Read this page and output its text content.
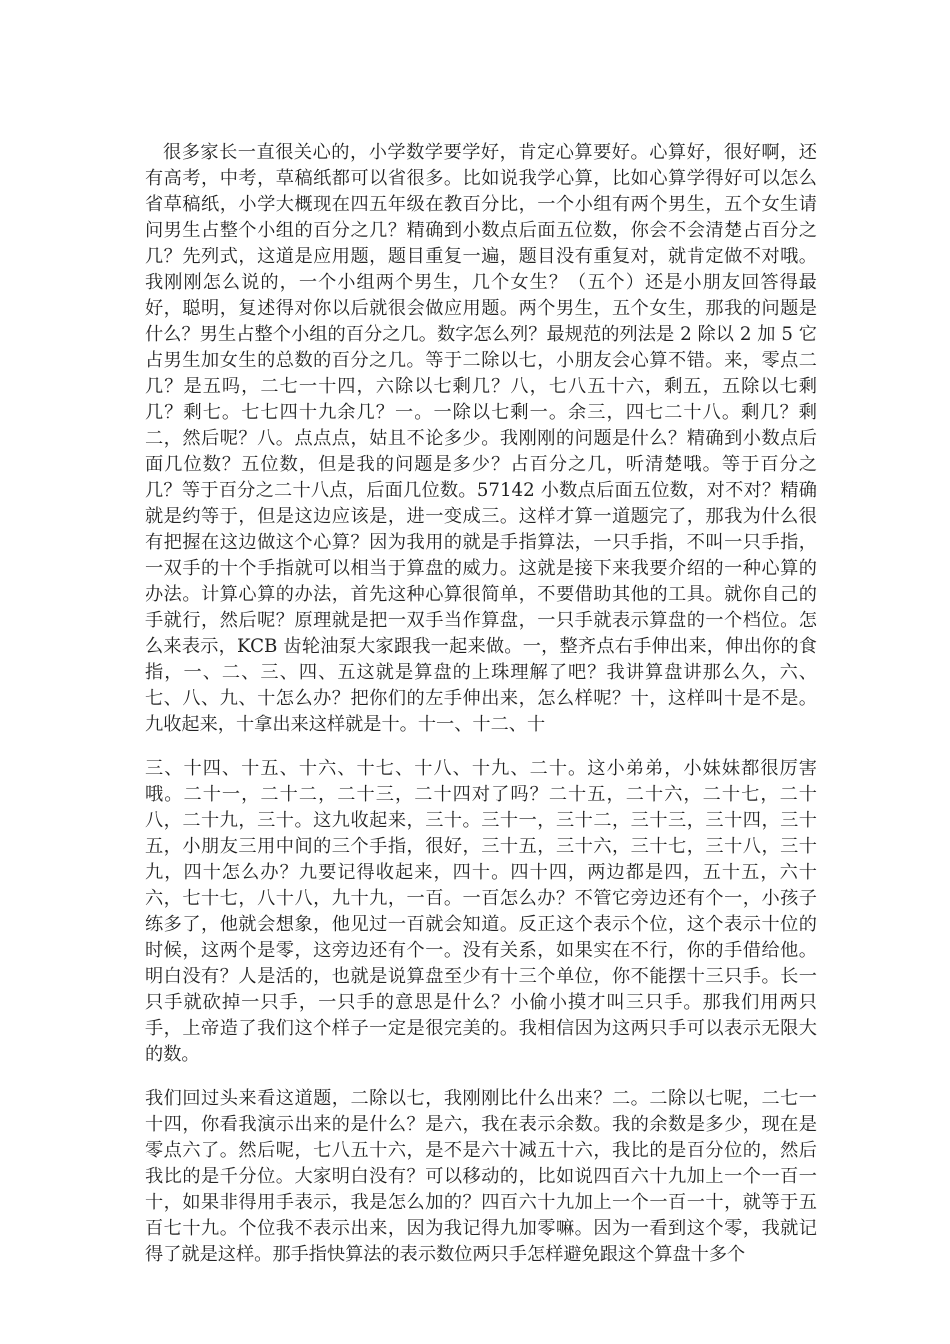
很多家长一直很关心的，小学数学要学好，肯定心算要好。心算好，很好啊，还有高考，中考，草稿纸都可以省很多。比如说我学心算，比如心算学得好可以怎么省草稿纸，小学大概现在四五年级在教百分比，一个小组有两个男生，五个女生请问男生占整个小组的百分之几？精确到小数点后面五位数，你会不会清楚占百分之几？先列式，这道是应用题，题目重复一遍，题目没有重复对，就肯定做不对哦。我刚刚怎么说的，一个小组两个男生，几个女生？（五个）还是小朋友回答得最好，聪明，复述得对你以后就很会做应用题。两个男生，五个女生，那我的问题是什么？男生占整个小组的百分之几。数字怎么列？最规范的列法是 2 除以 2 加 5 它占男生加女生的总数的百分之几。等于二除以七，小朋友会心算不错。来，零点二几？是五吗，二七一十四，六除以七剩几？八，七八五十六，剩五，五除以七剩几？剩七。七七四十九余几？一。一除以七剩一。余三，四七二十八。剩几？剩二，然后呢？八。点点点，姑且不论多少。我刚刚的问题是什么？精确到小数点后面几位数？五位数，但是我的问题是多少？占百分之几，听清楚哦。等于百分之几？等于百分之二十八点，后面几位数。57142 小数点后面五位数，对不对？精确就是约等于，但是这边应该是，进一变成三。这样才算一道题完了，那我为什么很有把握在这边做这个心算？因为我用的就是手指算法，一只手指，不叫一只手指，一双手的十个手指就可以相当于算盘的威力。这就是接下来我要介绍的一种心算的办法。计算心算的办法，首先这种心算很简单，不要借助其他的工具。就你自己的手就行，然后呢？原理就是把一双手当作算盘，一只手就表示算盘的一个档位。怎么来表示，KCB 齿轮油泵大家跟我一起来做。一，整齐点右手伸出来，伸出你的食指，一、二、三、四、五这就是算盘的上珠理解了吧？我讲算盘讲那么久，六、七、八、九、十怎么办？把你们的左手伸出来，怎么样呢？十，这样叫十是不是。九收起来，十拿出来这样就是十。十一、十二、十

三、十四、十五、十六、十七、十八、十九、二十。这小弟弟，小妹妹都很厉害哦。二十一，二十二，二十三，二十四对了吗？二十五，二十六，二十七，二十八，二十九，三十。这九收起来，三十。三十一，三十二，三十三，三十四，三十五，小朋友三用中间的三个手指，很好，三十五，三十六，三十七，三十八，三十九，四十怎么办？九要记得收起来，四十。四十四，两边都是四，五十五，六十六，七十七，八十八，九十九，一百。一百怎么办？不管它旁边还有个一，小孩子练多了，他就会想象，他见过一百就会知道。反正这个表示个位，这个表示十位的时候，这两个是零，这旁边还有个一。没有关系，如果实在不行，你的手借给他。明白没有？人是活的，也就是说算盘至少有十三个单位，你不能摆十三只手。长一只手就砍掉一只手，一只手的意思是什么？小偷小摸才叫三只手。那我们用两只手，上帝造了我们这个样子一定是很完美的。我相信因为这两只手可以表示无限大的数。

我们回过头来看这道题，二除以七，我刚刚比什么出来？二。二除以七呢，二七一十四，你看我演示出来的是什么？是六，我在表示余数。我的余数是多少，现在是零点六了。然后呢，七八五十六，是不是六十减五十六，我比的是百分位的，然后我比的是千分位。大家明白没有？可以移动的，比如说四百六十九加上一个一百一十，如果非得用手表示，我是怎么加的？四百六十九加上一个一百一十，就等于五百七十九。个位我不表示出来，因为我记得九加零嘛。因为一看到这个零，我就记得了就是这样。那手指快算法的表示数位两只手怎样避免跟这个算盘十多个
